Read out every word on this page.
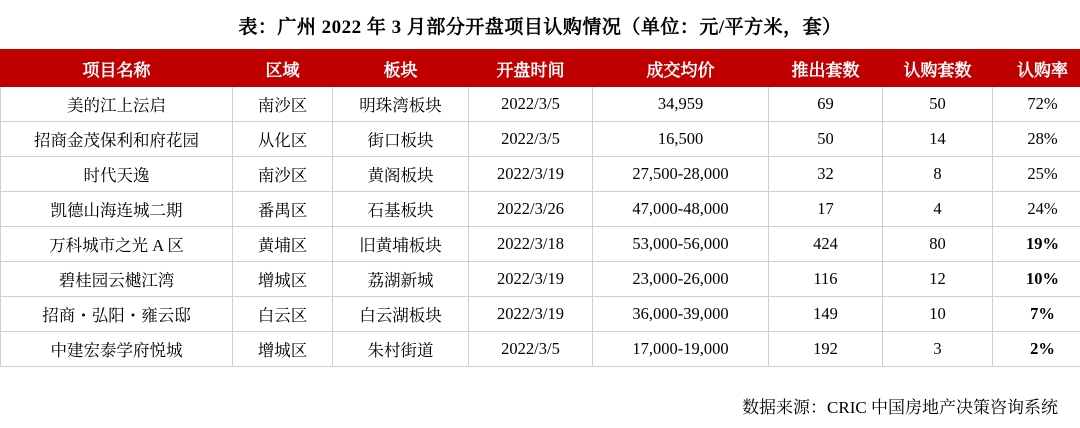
表：广州 2022 年 3 月部分开盘项目认购情况（单位：元/平方米，套）
项目名称	区域	板块	开盘时间	成交均价	推出套数	认购套数	认购率
美的江上沄启	南沙区	明珠湾板块	2022/3/5	34,959	69	50	72%
招商金茂保利和府花园	从化区	街口板块	2022/3/5	16,500	50	14	28%
时代天逸	南沙区	黄阁板块	2022/3/19	27,500-28,000	32	8	25%
凯德山海连城二期	番禺区	石基板块	2022/3/26	47,000-48,000	17	4	24%
万科城市之光 A 区	黄埔区	旧黄埔板块	2022/3/18	53,000-56,000	424	80	19%
碧桂园云樾江湾	增城区	荔湖新城	2022/3/19	23,000-26,000	116	12	10%
招商・弘阳・雍云邸	白云区	白云湖板块	2022/3/19	36,000-39,000	149	10	7%
中建宏泰学府悦城	增城区	朱村街道	2022/3/5	17,000-19,000	192	3	2%
数据来源：CRIC 中国房地产决策咨询系统
